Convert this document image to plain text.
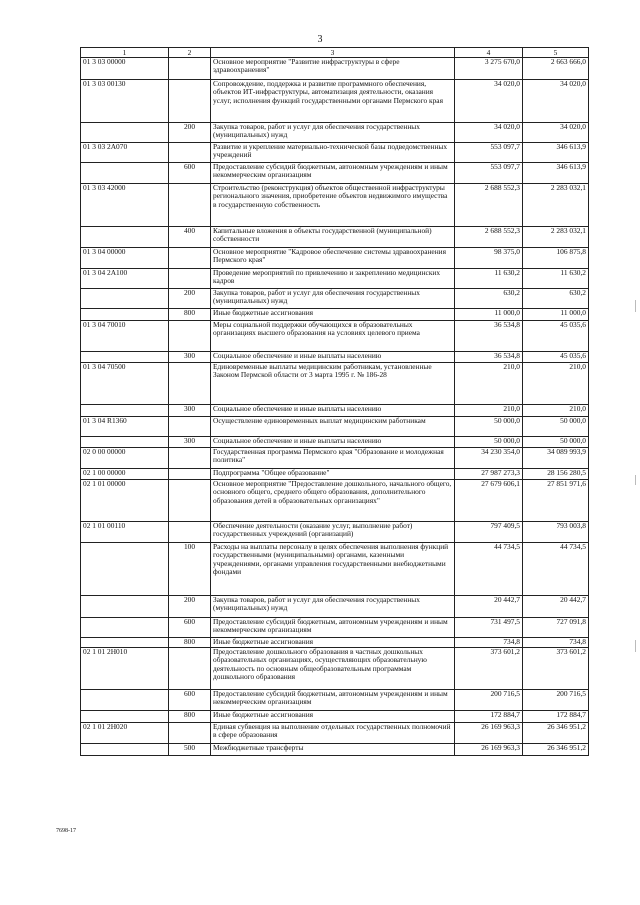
3
1	2	3	4	5
01 3 03 00000		Основное мероприятие "Развитие инфраструктуры в сфере здравоохранения"	3 275 670,0	2 663 666,0
01 3 03 00130		Сопровождение, поддержка и развитие программного обеспечения, объектов ИТ-инфраструктуры, автоматизация деятельности, оказания услуг, исполнения функций государственными органами Пермского края	34 020,0	34 020,0
	200	Закупка товаров, работ и услуг для обеспечения государственных (муниципальных) нужд	34 020,0	34 020,0
01 3 03 2А070		Развитие и укрепление материально-технической базы подведомственных учреждений	553 097,7	346 613,9
	600	Предоставление субсидий бюджетным, автономным учреждениям и иным некоммерческим организациям	553 097,7	346 613,9
01 3 03 42000		Строительство (реконструкция) объектов общественной инфраструктуры регионального значения, приобретение объектов недвижимого имущества в государственную собственность	2 688 552,3	2 283 032,1
	400	Капитальные вложения в объекты государственной (муниципальной) собственности	2 688 552,3	2 283 032,1
01 3 04 00000		Основное мероприятие "Кадровое обеспечение системы здравоохранения Пермского края"	98 375,0	106 875,8
01 3 04 2А100		Проведение мероприятий по привлечению и закреплению медицинских кадров	11 630,2	11 630,2
	200	Закупка товаров, работ и услуг для обеспечения государственных (муниципальных) нужд	630,2	630,2
	800	Иные бюджетные ассигнования	11 000,0	11 000,0
01 3 04 70010		Меры социальной поддержки обучающихся в образовательных организациях высшего образования на условиях целевого приема	36 534,8	45 035,6
	300	Социальное обеспечение и иные выплаты населению	36 534,8	45 035,6
01 3 04 70500		Единовременные выплаты медицинским работникам, установленные Законом Пермской области от 3 марта 1995 г. № 186-28	210,0	210,0
	300	Социальное обеспечение и иные выплаты населению	210,0	210,0
01 3 04 R1360		Осуществление единовременных выплат медицинским работникам	50 000,0	50 000,0
	300	Социальное обеспечение и иные выплаты населению	50 000,0	50 000,0
02 0 00 00000		Государственная программа Пермского края "Образование и молодежная политика"	34 230 354,0	34 089 993,9
02 1 00 00000		Подпрограмма "Общее образование"	27 987 273,3	28 156 280,5
02 1 01 00000		Основное мероприятие "Предоставление дошкольного, начального общего, основного общего, среднего общего образования, дополнительного образования детей в образовательных организациях"	27 679 606,1	27 851 971,6
02 1 01 00110		Обеспечение деятельности (оказание услуг, выполнение работ) государственных учреждений (организаций)	797 409,5	793 003,8
	100	Расходы на выплаты персоналу в целях обеспечения выполнения функций государственными (муниципальными) органами, казенными учреждениями, органами управления государственными внебюджетными фондами	44 734,5	44 734,5
	200	Закупка товаров, работ и услуг для обеспечения государственных (муниципальных) нужд	20 442,7	20 442,7
	600	Предоставление субсидий бюджетным, автономным учреждениям и иным некоммерческим организациям	731 497,5	727 091,8
	800	Иные бюджетные ассигнования	734,8	734,8
02 1 01 2Н010		Предоставление дошкольного образования в частных дошкольных образовательных организациях, осуществляющих образовательную деятельность по основным общеобразовательным программам дошкольного образования	373 601,2	373 601,2
	600	Предоставление субсидий бюджетным, автономным учреждениям и иным некоммерческим организациям	200 716,5	200 716,5
	800	Иные бюджетные ассигнования	172 884,7	172 884,7
02 1 01 2Н020		Единая субвенция на выполнение отдельных государственных полномочий в сфере образования	26 169 963,3	26 346 951,2
	500	Межбюджетные трансферты	26 169 963,3	26 346 951,2
7698-17
